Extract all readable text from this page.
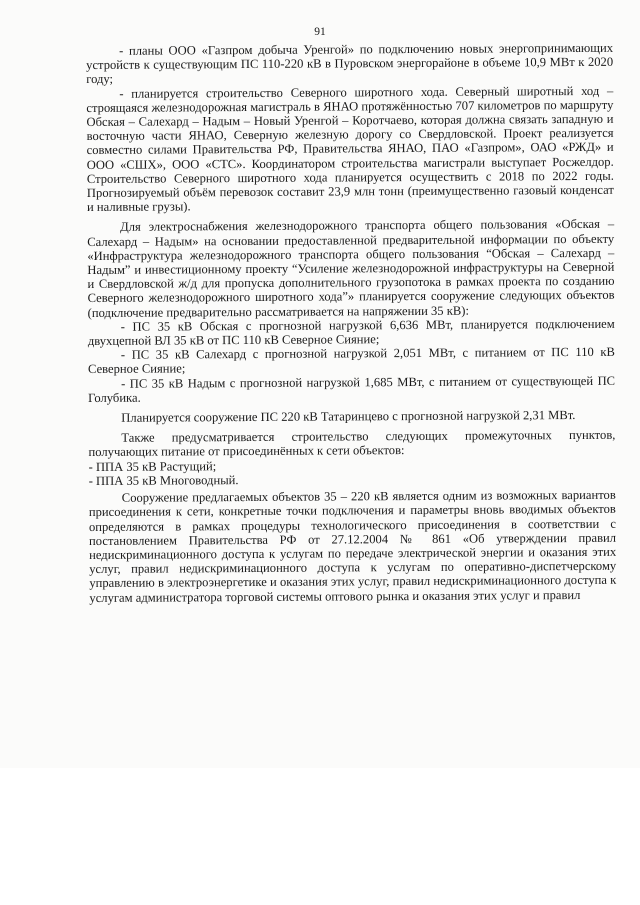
91

- планы ООО «Газпром добыча Уренгой» по подключению новых энергопринимающих устройств к существующим ПС 110-220 кВ в Пуровском энергорайоне в объеме 10,9 МВт к 2020 году;

- планируется строительство Северного широтного хода. Северный широтный ход – строящаяся железнодорожная магистраль в ЯНАО протяжённостью 707 километров по маршруту Обская – Салехард – Надым – Новый Уренгой – Коротчаево, которая должна связать западную и восточную части ЯНАО, Северную железную дорогу со Свердловской. Проект реализуется совместно силами Правительства РФ, Правительства ЯНАО, ПАО «Газпром», ОАО «РЖД» и ООО «СШХ», ООО «СТС». Координатором строительства магистрали выступает Росжелдор. Строительство Северного широтного хода планируется осуществить с 2018 по 2022 годы. Прогнозируемый объём перевозок составит 23,9 млн тонн (преимущественно газовый конденсат и наливные грузы).

Для электроснабжения железнодорожного транспорта общего пользования «Обская – Салехард – Надым» на основании предоставленной предварительной информации по объекту «Инфраструктура железнодорожного транспорта общего пользования “Обская – Салехард – Надым” и инвестиционному проекту “Усиление железнодорожной инфраструктуры на Северной и Свердловской ж/д для пропуска дополнительного грузопотока в рамках проекта по созданию Северного железнодорожного широтного хода”» планируется сооружение следующих объектов (подключение предварительно рассматривается на напряжении 35 кВ):

- ПС 35 кВ Обская с прогнозной нагрузкой 6,636 МВт, планируется подключением двухцепной ВЛ 35 кВ от ПС 110 кВ Северное Сияние;

- ПС 35 кВ Салехард с прогнозной нагрузкой 2,051 МВт, с питанием от ПС 110 кВ Северное Сияние;

- ПС 35 кВ Надым с прогнозной нагрузкой 1,685 МВт, с питанием от существующей ПС Голубика.

Планируется сооружение ПС 220 кВ Татаринцево с прогнозной нагрузкой 2,31 МВт.

Также предусматривается строительство следующих промежуточных пунктов, получающих питание от присоединённых к сети объектов:

- ППА 35 кВ Растущий;

- ППА 35 кВ Многоводный.

Сооружение предлагаемых объектов 35 – 220 кВ является одним из возможных вариантов присоединения к сети, конкретные точки подключения и параметры вновь вводимых объектов определяются в рамках процедуры технологического присоединения в соответствии с постановлением Правительства РФ от 27.12.2004 № 861 «Об утверждении правил недискриминационного доступа к услугам по передаче электрической энергии и оказания этих услуг, правил недискриминационного доступа к услугам по оперативно-диспетчерскому управлению в электроэнергетике и оказания этих услуг, правил недискриминационного доступа к услугам администратора торговой системы оптового рынка и оказания этих услуг и правил
